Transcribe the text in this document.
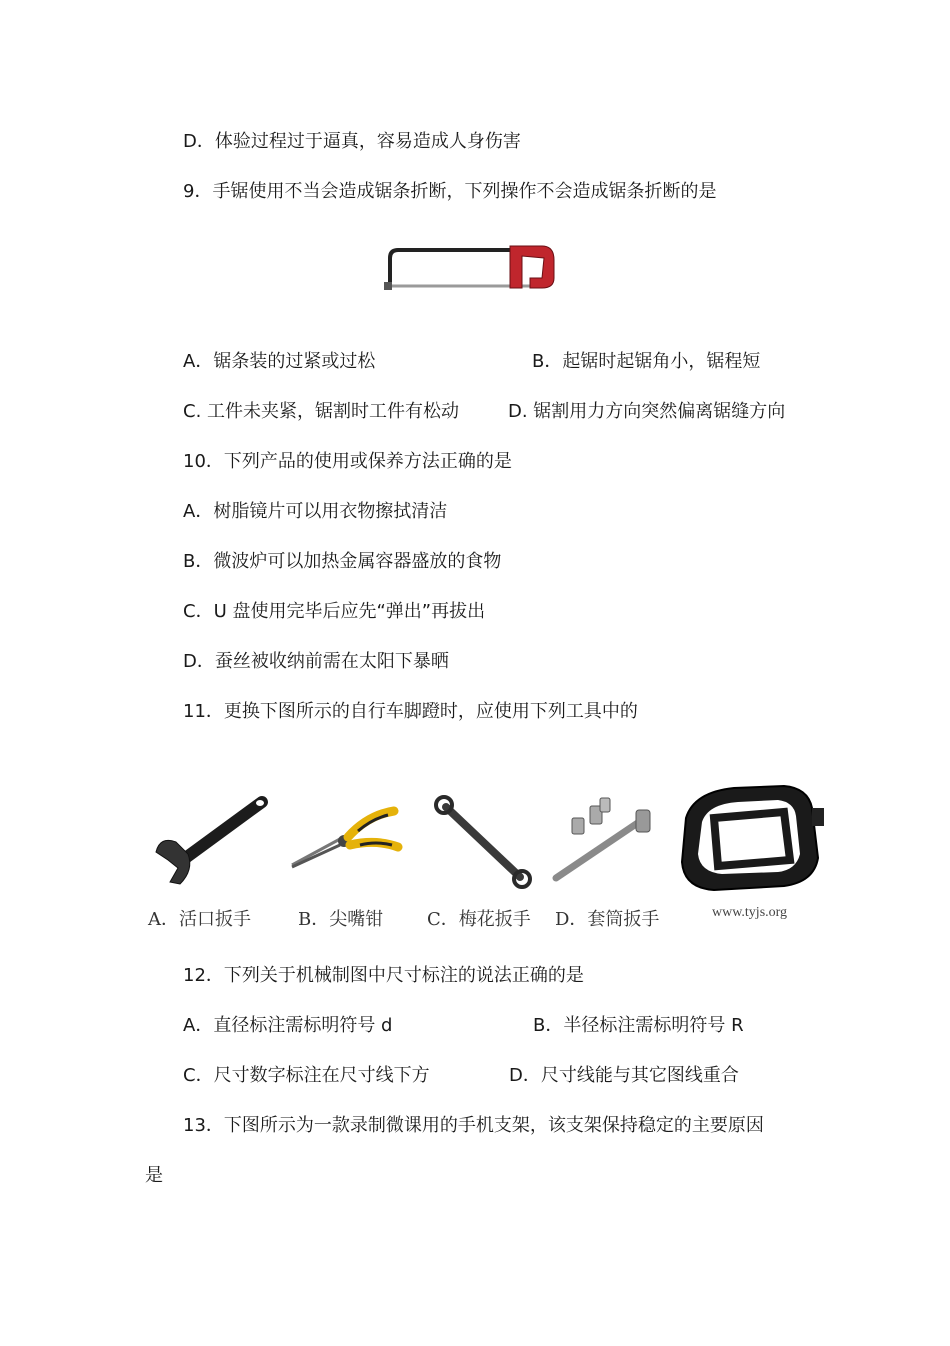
D．体验过程过于逼真，容易造成人身伤害
9．手锯使用不当会造成锯条折断，下列操作不会造成锯条折断的是
A．锯条装的过紧或过松	B．起锯时起锯角小，锯程短
C. 工件未夹紧，锯割时工件有松动	D. 锯割用力方向突然偏离锯缝方向
10．下列产品的使用或保养方法正确的是
A．树脂镜片可以用衣物擦拭清洁
B．微波炉可以加热金属容器盛放的食物
C．U 盘使用完毕后应先“弹出”再拔出
D．蚕丝被收纳前需在太阳下暴晒
11．更换下图所示的自行车脚蹬时，应使用下列工具中的
A．活口扳手	B．尖嘴钳 C．梅花扳手 D．套筒扳手	www.tyjs.org
12．下列关于机械制图中尺寸标注的说法正确的是
A．直径标注需标明符号 d	B．半径标注需标明符号 R
C．尺寸数字标注在尺寸线下方	D．尺寸线能与其它图线重合
13．下图所示为一款录制微课用的手机支架，该支架保持稳定的主要原因
是
